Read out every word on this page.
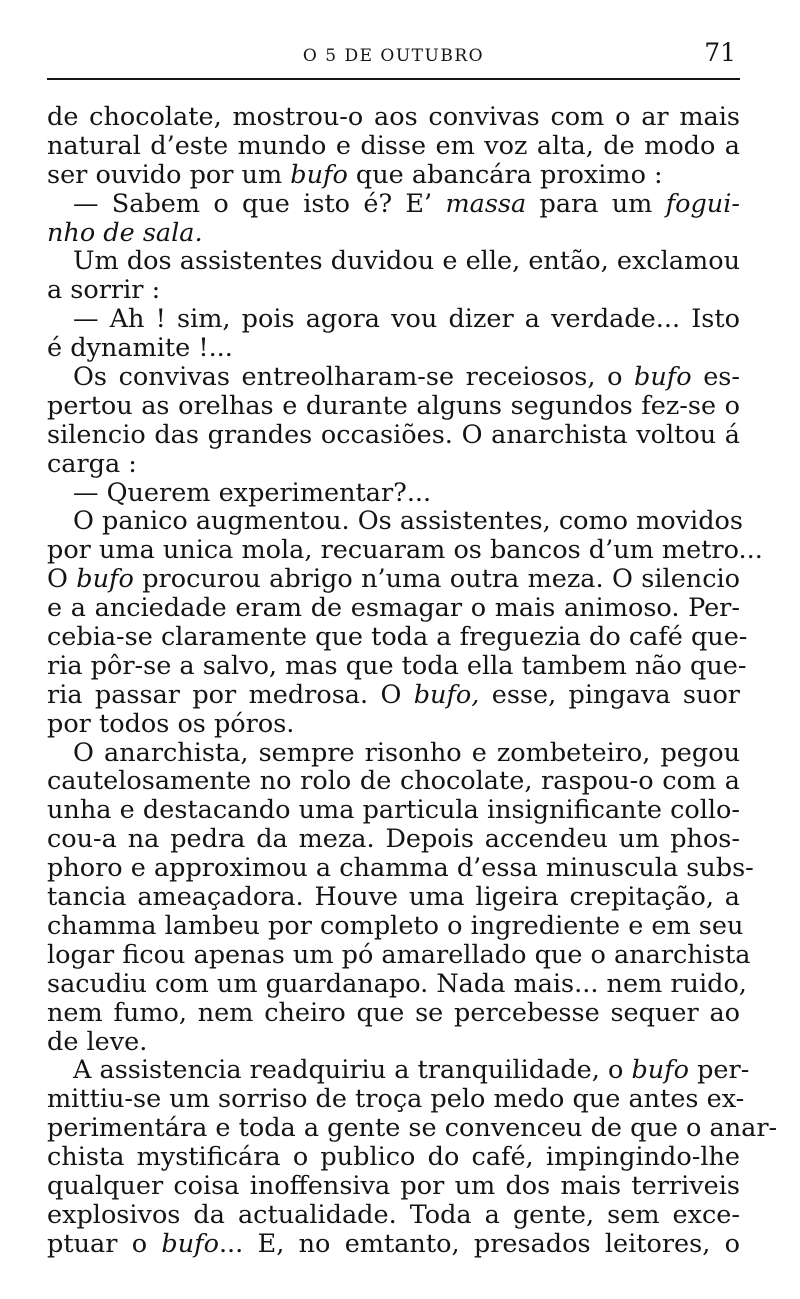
O 5 DE OUTUBRO	71
de chocolate, mostrou-o aos convivas com o ar mais
natural d’este mundo e disse em voz alta, de modo a
ser ouvido por um bufo que abancára proximo :
— Sabem o que isto é? E’ massa para um fogui-
nho de sala.
Um dos assistentes duvidou e elle, então, exclamou
a sorrir :
— Ah ! sim, pois agora vou dizer a verdade... Isto
é dynamite !...
Os convivas entreolharam-se receiosos, o bufo es-
pertou as orelhas e durante alguns segundos fez-se o
silencio das grandes occasiões. O anarchista voltou á
carga :
— Querem experimentar?...
O panico augmentou. Os assistentes, como movidos
por uma unica mola, recuaram os bancos d’um metro...
O bufo procurou abrigo n’uma outra meza. O silencio
e a anciedade eram de esmagar o mais animoso. Per-
cebia-se claramente que toda a freguezia do café que-
ria pôr-se a salvo, mas que toda ella tambem não que-
ria passar por medrosa. O bufo, esse, pingava suor
por todos os póros.
O anarchista, sempre risonho e zombeteiro, pegou
cautelosamente no rolo de chocolate, raspou-o com a
unha e destacando uma particula insignificante collo-
cou-a na pedra da meza. Depois accendeu um phos-
phoro e approximou a chamma d’essa minuscula subs-
tancia ameaçadora. Houve uma ligeira crepitação, a
chamma lambeu por completo o ingrediente e em seu
logar ficou apenas um pó amarellado que o anarchista
sacudiu com um guardanapo. Nada mais... nem ruido,
nem fumo, nem cheiro que se percebesse sequer ao
de leve.
A assistencia readquiriu a tranquilidade, o bufo per-
mittiu-se um sorriso de troça pelo medo que antes ex-
perimentára e toda a gente se convenceu de que o anar-
chista mystificára o publico do café, impingindo-lhe
qualquer coisa inoffensiva por um dos mais terriveis
explosivos da actualidade. Toda a gente, sem exce-
ptuar o bufo... E, no emtanto, presados leitores, o
